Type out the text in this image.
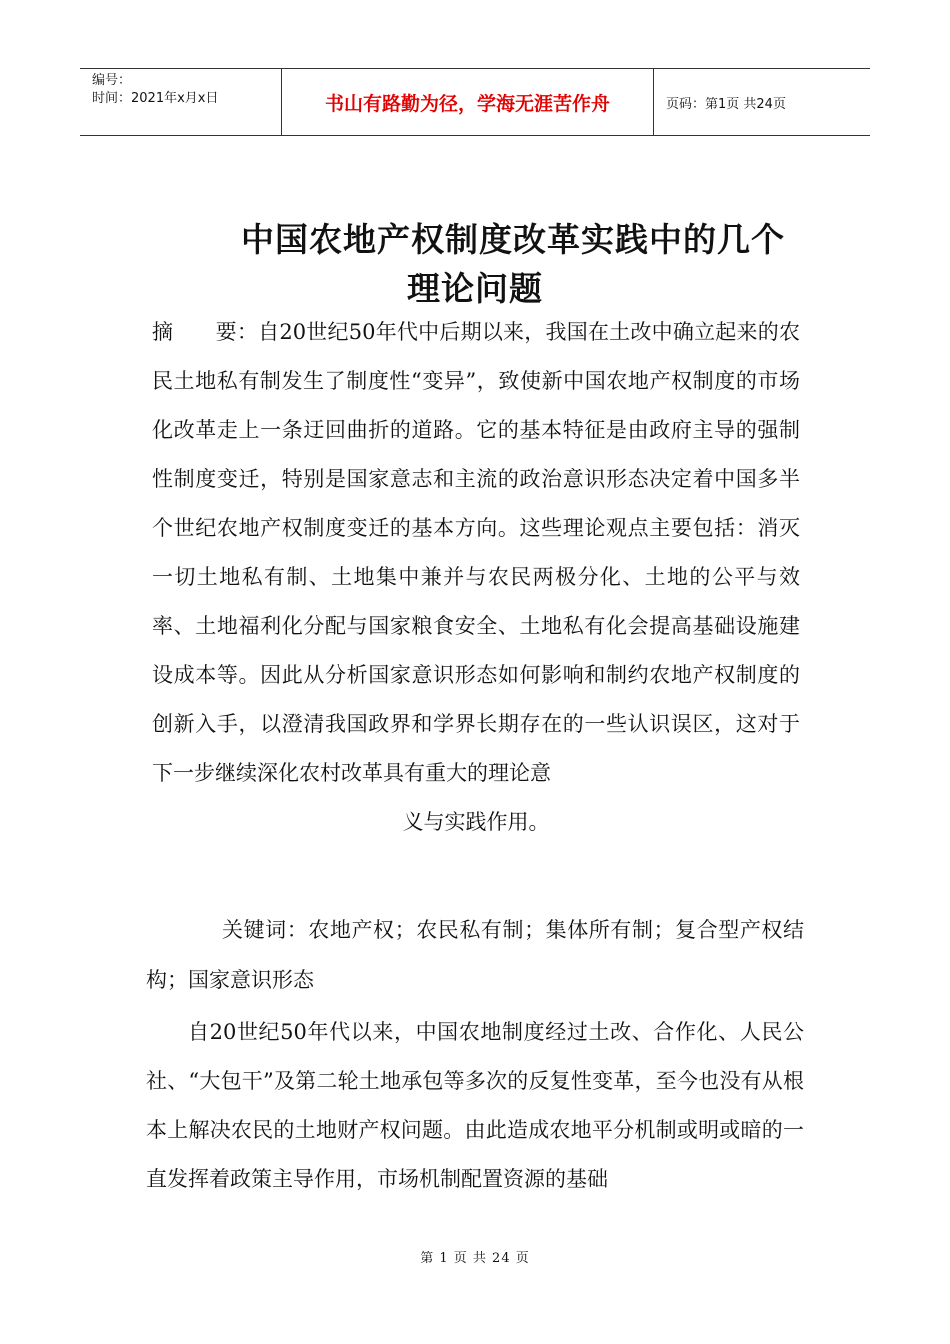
编号：
时间：2021年x月x日	书山有路勤为径，学海无涯苦作舟	页码：第1页 共24页
中国农地产权制度改革实践中的几个
理论问题

摘　　要：自20世纪50年代中后期以来，我国在土改中确立起来的农民土地私有制发生了制度性“变异”，致使新中国农地产权制度的市场化改革走上一条迂回曲折的道路。它的基本特征是由政府主导的强制性制度变迁，特别是国家意志和主流的政治意识形态决定着中国多半个世纪农地产权制度变迁的基本方向。这些理论观点主要包括：消灭一切土地私有制、土地集中兼并与农民两极分化、土地的公平与效率、土地福利化分配与国家粮食安全、土地私有化会提高基础设施建设成本等。因此从分析国家意识形态如何影响和制约农地产权制度的创新入手，以澄清我国政界和学界长期存在的一些认识误区，这对于下一步继续深化农村改革具有重大的理论意
义与实践作用。

关键词：农地产权；农民私有制；集体所有制；复合型产权结构；国家意识形态

自20世纪50年代以来，中国农地制度经过土改、合作化、人民公社、“大包干”及第二轮土地承包等多次的反复性变革，至今也没有从根本上解决农民的土地财产权问题。由此造成农地平分机制或明或暗的一直发挥着政策主导作用，市场机制配置资源的基础

第 1 页 共 24 页
